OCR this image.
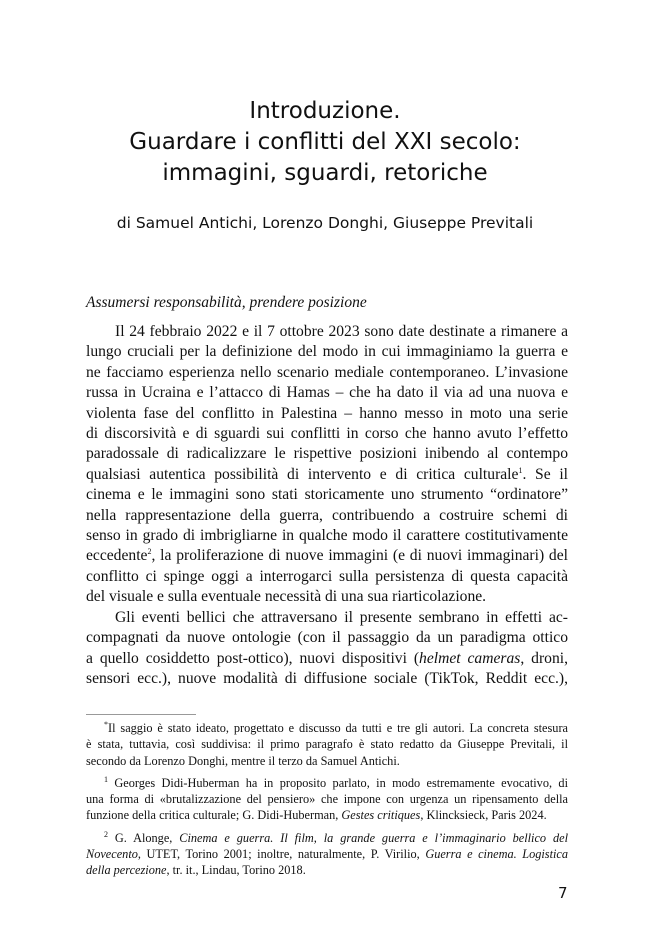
Introduzione.
Guardare i conflitti del XXI secolo:
immagini, sguardi, retoriche
di Samuel Antichi, Lorenzo Donghi, Giuseppe Previtali
Assumersi responsabilità, prendere posizione
Il 24 febbraio 2022 e il 7 ottobre 2023 sono date destinate a rimanere a
lungo cruciali per la definizione del modo in cui immaginiamo la guerra e
ne facciamo esperienza nello scenario mediale contemporaneo. L’invasione
russa in Ucraina e l’attacco di Hamas – che ha dato il via ad una nuova e
violenta fase del conflitto in Palestina – hanno messo in moto una serie
di discorsività e di sguardi sui conflitti in corso che hanno avuto l’effetto
paradossale di radicalizzare le rispettive posizioni inibendo al contempo
qualsiasi autentica possibilità di intervento e di critica culturale$^1$. Se il
cinema e le immagini sono stati storicamente uno strumento “ordinatore”
nella rappresentazione della guerra, contribuendo a costruire schemi di
senso in grado di imbrigliarne in qualche modo il carattere costitutivamente
eccedente$^2$, la proliferazione di nuove immagini (e di nuovi immaginari) del
conflitto ci spinge oggi a interrogarci sulla persistenza di questa capacità
del visuale e sulla eventuale necessità di una sua riarticolazione.
Gli eventi bellici che attraversano il presente sembrano in effetti ac-
compagnati da nuove ontologie (con il passaggio da un paradigma ottico
a quello cosiddetto post-ottico), nuovi dispositivi (helmet cameras, droni,
sensori ecc.), nuove modalità di diffusione sociale (TikTok, Reddit ecc.),
*Il saggio è stato ideato, progettato e discusso da tutti e tre gli autori. La concreta stesura
è stata, tuttavia, così suddivisa: il primo paragrafo è stato redatto da Giuseppe Previtali, il
secondo da Lorenzo Donghi, mentre il terzo da Samuel Antichi.
$^1$ Georges Didi-Huberman ha in proposito parlato, in modo estremamente evocativo, di
una forma di «brutalizzazione del pensiero» che impone con urgenza un ripensamento della
funzione della critica culturale; G. Didi-Huberman, Gestes critiques, Klincksieck, Paris 2024.
$^2$ G. Alonge, Cinema e guerra. Il film, la grande guerra e l’immaginario bellico del
Novecento, UTET, Torino 2001; inoltre, naturalmente, P. Virilio, Guerra e cinema. Logistica
della percezione, tr. it., Lindau, Torino 2018.
7
